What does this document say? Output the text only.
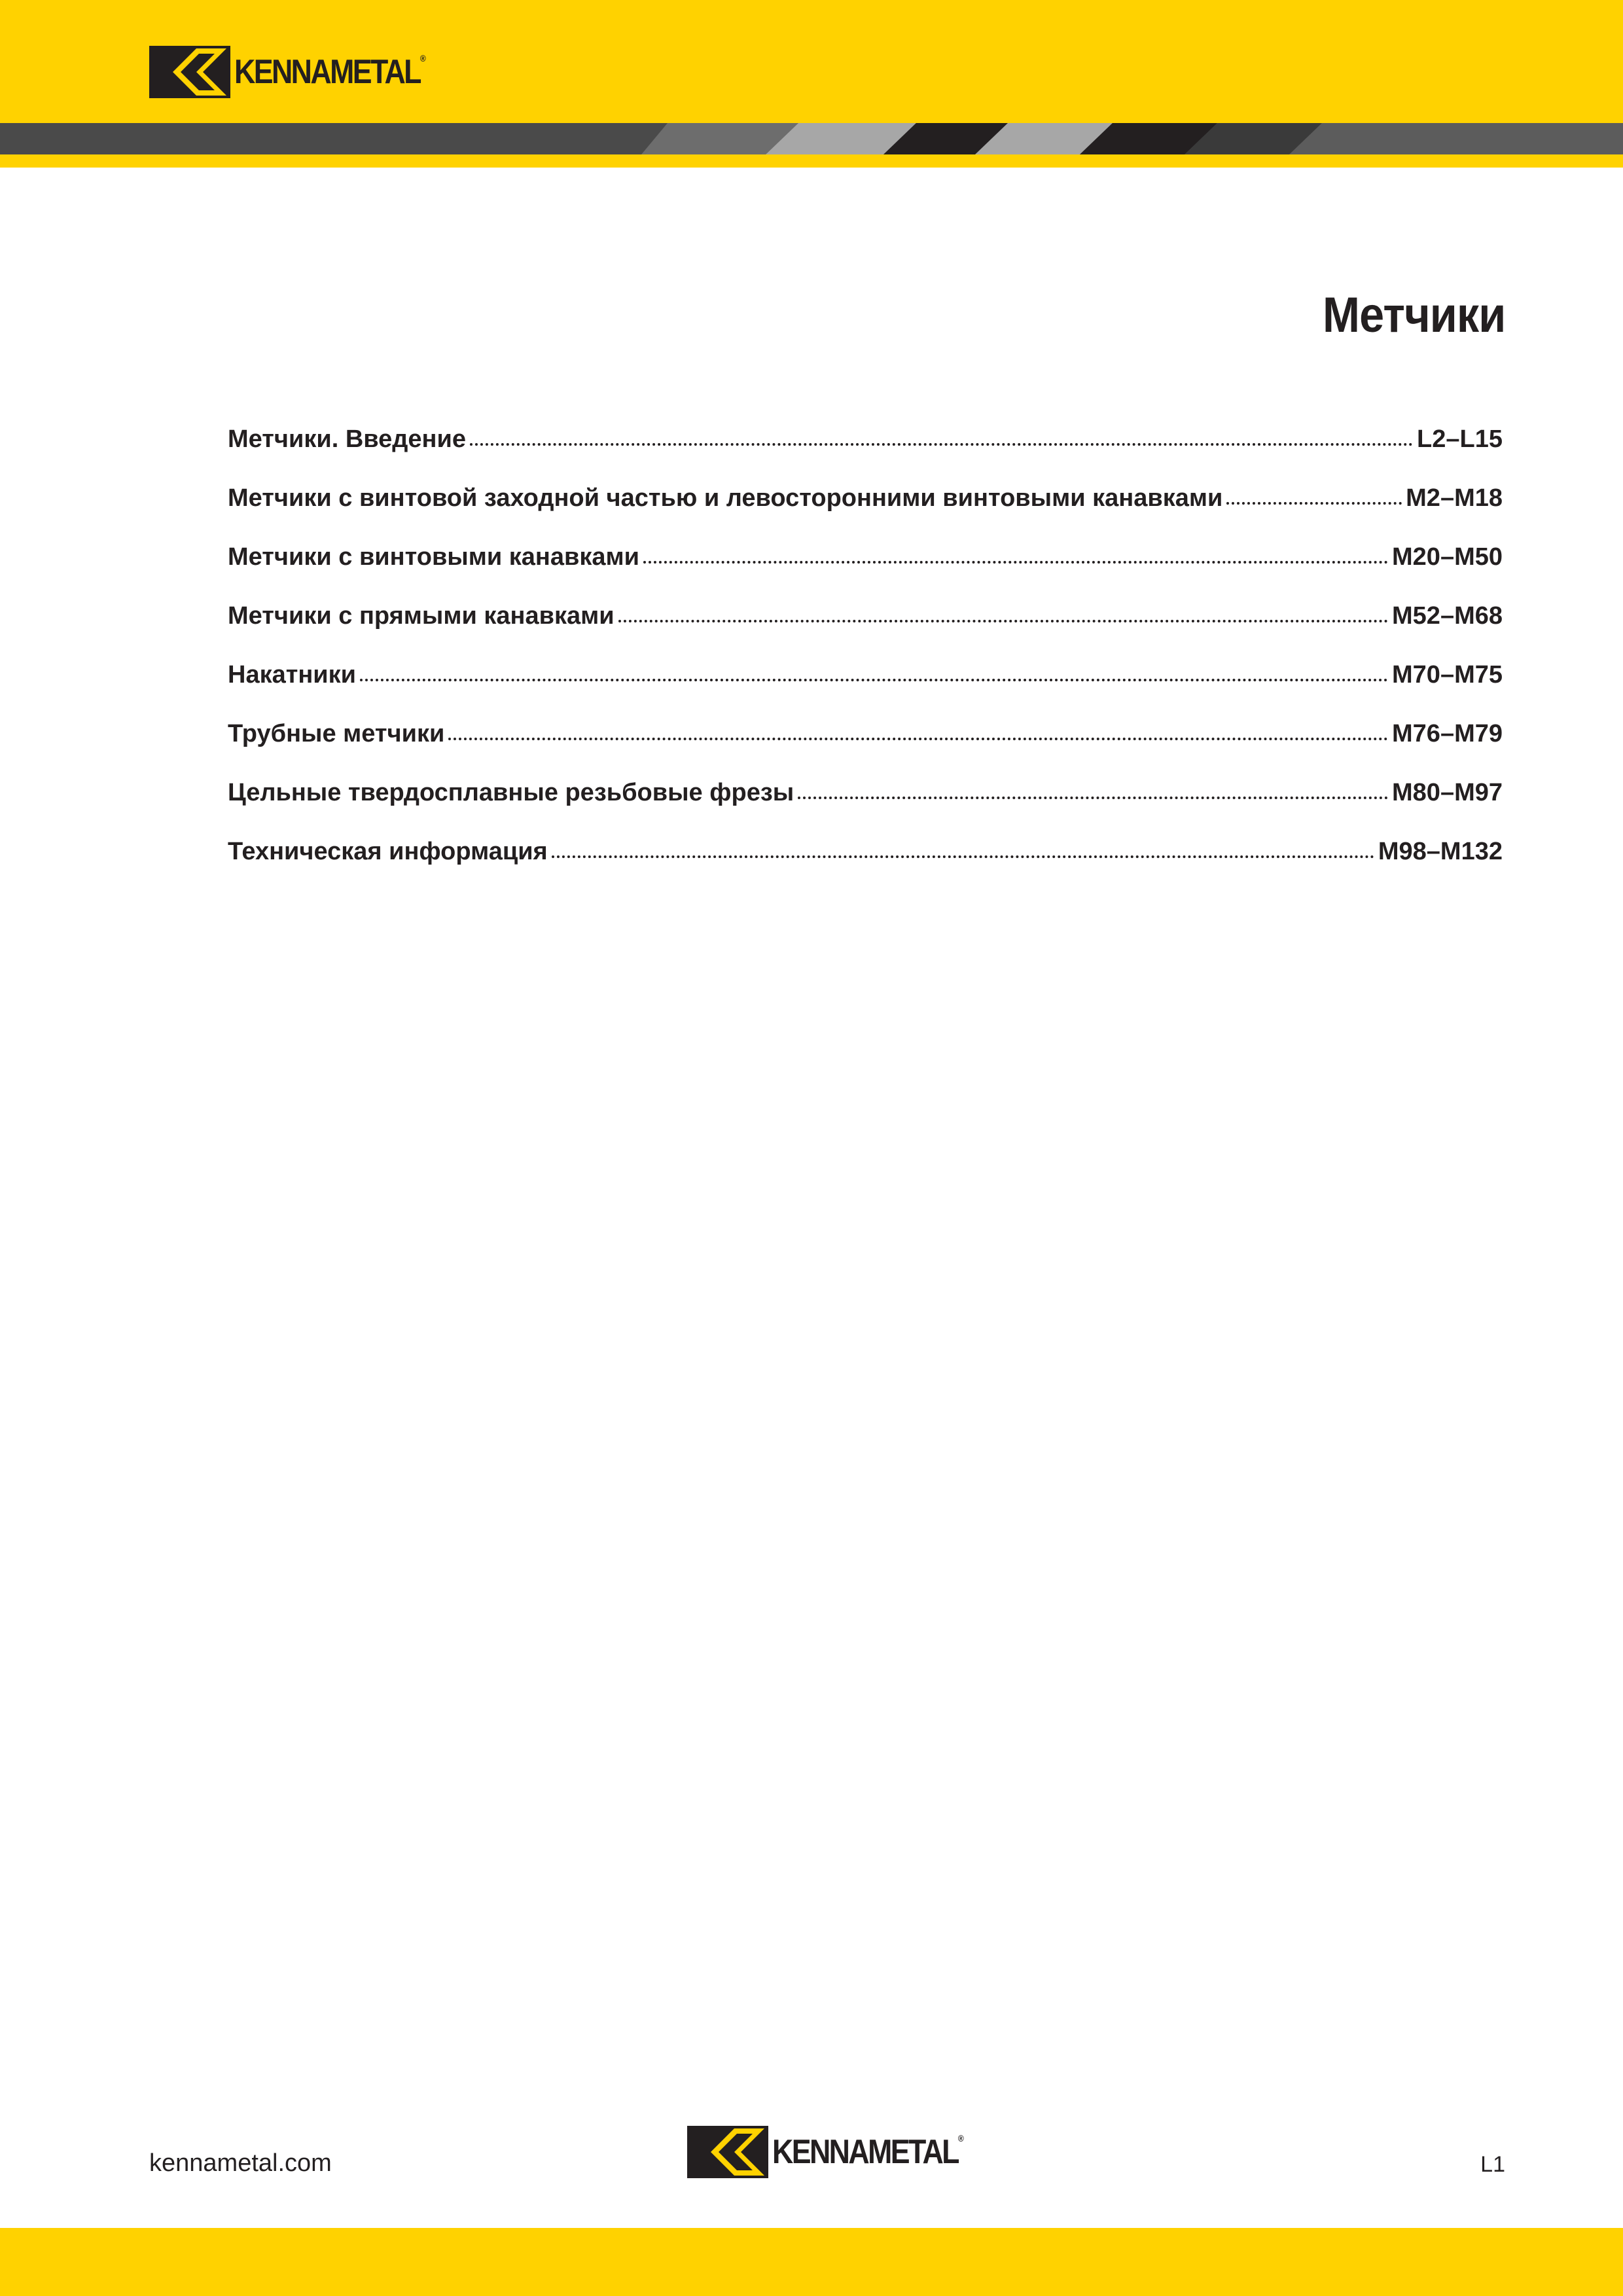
KENNAMETAL®
Метчики
Метчики. Введение	L2–L15
Метчики с винтовой заходной частью и левосторонними винтовыми канавками	M2–M18
Метчики с винтовыми канавками	M20–M50
Метчики с прямыми канавками	M52–M68
Накатники	M70–M75
Трубные метчики	M76–M79
Цельные твердосплавные резьбовые фрезы	M80–M97
Техническая информация	M98–M132
kennametal.com	KENNAMETAL®
L1
